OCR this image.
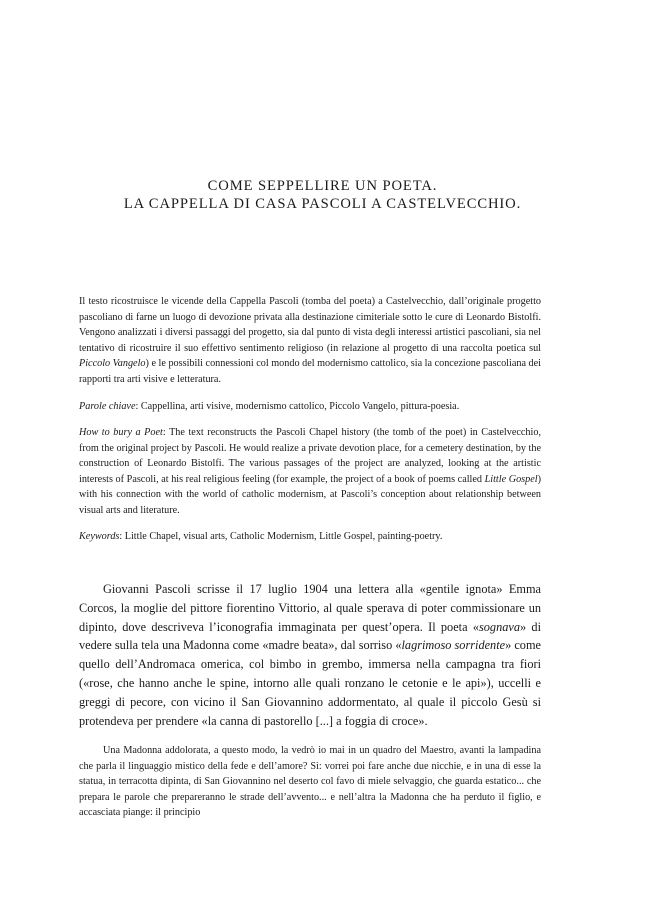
COME SEPPELLIRE UN POETA.
LA CAPPELLA DI CASA PASCOLI A CASTELVECCHIO.

Il testo ricostruisce le vicende della Cappella Pascoli (tomba del poeta) a Castelvecchio, dall’originale progetto pascoliano di farne un luogo di devozione privata alla destinazione cimiteriale sotto le cure di Leonardo Bistolfi. Vengono analizzati i diversi passaggi del progetto, sia dal punto di vista degli interessi artistici pascoliani, sia nel tentativo di ricostruire il suo effettivo sentimento religioso (in relazione al progetto di una raccolta poetica sul Piccolo Vangelo) e le possibili connessioni col mondo del modernismo cattolico, sia la concezione pascoliana dei rapporti tra arti visive e letteratura.

Parole chiave: Cappellina, arti visive, modernismo cattolico, Piccolo Vangelo, pittura-poesia.

How to bury a Poet: The text reconstructs the Pascoli Chapel history (the tomb of the poet) in Castelvecchio, from the original project by Pascoli. He would realize a private devotion place, for a cemetery destination, by the construction of Leonardo Bistolfi. The various passages of the project are analyzed, looking at the artistic interests of Pascoli, at his real religious feeling (for example, the project of a book of poems called Little Gospel) with his connection with the world of catholic modernism, at Pascoli’s conception about relationship between visual arts and literature.

Keywords: Little Chapel, visual arts, Catholic Modernism, Little Gospel, painting-poetry.

Giovanni Pascoli scrisse il 17 luglio 1904 una lettera alla «gentile ignota» Emma Corcos, la moglie del pittore fiorentino Vittorio, al quale sperava di poter commissionare un dipinto, dove descriveva l’iconografia immaginata per quest’opera. Il poeta «sognava» di vedere sulla tela una Madonna come «madre beata», dal sorriso «lagrimoso sorridente» come quello dell’Andromaca omerica, col bimbo in grembo, immersa nella campagna tra fiori («rose, che hanno anche le spine, intorno alle quali ronzano le cetonie e le api»), uccelli e greggi di pecore, con vicino il San Giovannino addormentato, al quale il piccolo Gesù si protendeva per prendere «la canna di pastorello [...] a foggia di croce».

Una Madonna addolorata, a questo modo, la vedrò io mai in un quadro del Maestro, avanti la lampadina che parla il linguaggio mistico della fede e dell’amore? Sì: vorrei poi fare anche due nicchie, e in una di esse la statua, in terracotta dipinta, di San Giovannino nel deserto col favo di miele selvaggio, che guarda estatico... che prepara le parole che prepareranno le strade dell’avvento... e nell’altra la Madonna che ha perduto il figlio, e accasciata piange: il principio
